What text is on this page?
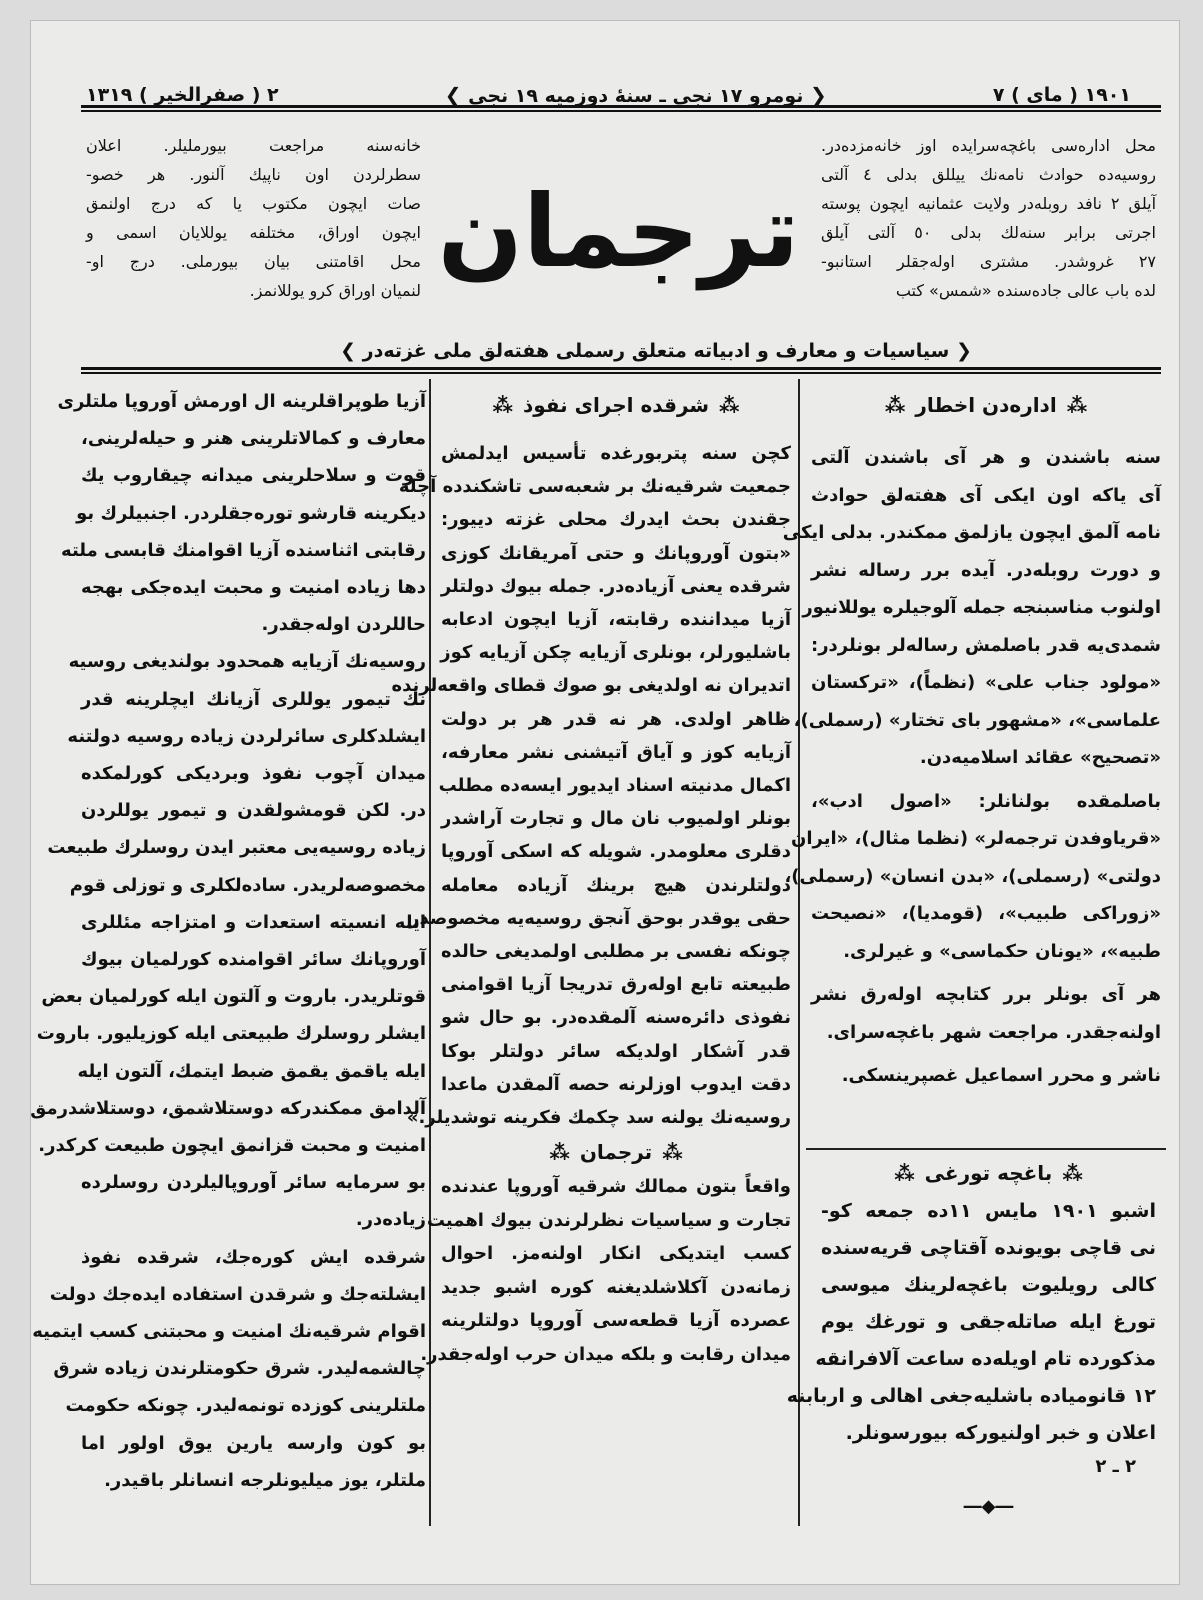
۱۹۰۱ ( مای ) ۷
❮ نومرو ۱۷ نجی ـ سنهٔ دوزمیه ۱۹ نجی ❯
۲ ( صفرالخیر ) ۱۳۱۹
محل ادارەسی باغچەسرایده اوز خانەمزدەدر.
روسیەده حوادث نامەنك ییللق بدلی ٤ آلتی
آیلق ۲ نافد روبلەدر ولایت عثمانیه ایچون پوسته
اجرتی برابر سنەلك بدلی ٥٠ آلتی آیلق
۲۷ غروشدر. مشتری اولەجقلر استانبو-
لده باب عالی جادەسنده «شمس» کتب
ترجمان
خانەسنه مراجعت بیورملیلر. اعلان
سطرلردن اون ناپیك آلنور. هر خصو-
صات ایچون مکتوب یا که درج اولنمق
ایچون اوراق، مختلفه یوللایان اسمی و
محل اقامتنی بیان بیورملی. درج او-
لنمیان اوراق کرو یوللانمز.
❮ سیاسیات و معارف و ادبیاته متعلق رسملی هفتەلق ملی غزتەدر ❯
⁂
ادارەدن اخطار
⁂
سنه باشندن و هر آی باشندن آلتی
آی یاکه اون ایکی آی هفتەلق حوادث
نامه آلمق ایچون یازلمق ممکندر. بدلی ایکی
و دورت روبلەدر. آیده برر رساله نشر
اولنوب مناسبنجه جمله آلوجیلره یوللانیور
شمدی‌یه قدر باصلمش رسالەلر بونلردر:
«مولود جناب علی» (نظماً)، «ترکستان
علماسی»، «مشهور بای تختار» (رسملی)،
«تصحیح» عقائد اسلامیەدن.
باصلمقده بولنانلر: «اصول ادب»،
«قریاوفدن ترجمەلر» (نظما مثال)، «ایران
دولتی» (رسملی)، «بدن انسان» (رسملی)،
«زوراکی طبیب»، (قومدیا)، «نصیحت
طبیه»، «یونان حکماسی» و غیرلری.
هر آی بونلر برر کتابچه اولەرق نشر
اولنەجقدر. مراجعت شهر باغچەسرای.
ناشر و محرر اسماعیل غصپرینسکی.
⁂
باغچه تورغی
⁂
اشبو ۱۹۰۱ مایس ۱۱ده جمعه کو-
نی قاچی بویونده آقتاچی قریەسنده
کالی رویلیوت باغچەلرینك میوسی
تورغ ایله صاتلەجقی و تورغك یوم
مذکورده تام اویلەده ساعت آلافرانقه
۱۲ قانومیاده باشلیەجغی اهالی و اربابنه
اعلان و خبر اولنیورکه بیورسونلر.
۲ ـ ۲
―◆―
⁂
شرقده اجرای نفوذ
⁂
کچن سنه پتربورغده تأسیس ایدلمش
جمعیت شرقیەنك بر شعبەسی تاشکندده آچله
جقندن بحث ایدرك محلی غزته دییور:
«بتون آوروپانك و حتی آمریقانك کوزی
شرقده یعنی آزیادەدر. جمله بیوك دولتلر
آزیا میداننده رقابته، آزیا ایچون ادعابه
باشلیورلر، بونلری آزیایه چکن آزیایه کوز
اتدیران نه اولدیغی بو صوك قطای واقعەلرنده
ظاهر اولدی. هر نه قدر هر بر دولت
آزیایه کوز و آیاق آتیشنی نشر معارفه،
اکمال مدنیته اسناد ایدیور ایسەده مطلب
بونلر اولمیوب نان مال و تجارت آراشدر
دقلری معلومدر. شویله که اسکی آوروپا
دولتلرندن هیچ برینك آزیاده معامله
حقی یوقدر بوحق آنجق روسیەیه مخصوصدر
چونکه نفسی بر مطلبی اولمدیغی حالده
طبیعته تابع اولەرق تدریجا آزیا اقوامنی
نفوذی دائرەسنه آلمقدەدر. بو حال شو
قدر آشکار اولدیکه سائر دولتلر بوکا
دقت ایدوب اوزلرنه حصه آلمقدن ماعدا
روسیەنك یولنه سد چکمك فکرینه توشدیلر.»
⁂
ترجمان
⁂
واقعاً بتون ممالك شرقیه آوروپا عندنده
تجارت و سیاسیات نظرلرندن بیوك اهمیت
کسب ایتدیکی انکار اولنەمز. احوال
زمانەدن آکلاشلدیغنه کوره اشبو جدید
عصرده آزیا قطعەسی آوروپا دولتلرینه
میدان رقابت و بلکه میدان حرب اولەجقدر.
آزیا طوپراقلرینه ال اورمش آوروپا ملتلری
معارف و کمالاتلرینی هنر و حیلەلرینی،
قوت و سلاحلرینی میدانه چیقاروب یك
دیکرینه قارشو تورەجقلردر. اجنبیلرك بو
رقابتی اثناسنده آزیا اقوامنك قابسی ملته
دها زیاده امنیت و محبت ایدەجکی بهجه
حاللردن اولەجقدر.
روسیەنك آزیایه همحدود بولندیغی روسیه
نك تیمور یوللری آزیانك ایچلرینه قدر
ایشلدکلری سائرلردن زیاده روسیه دولتنه
میدان آچوب نفوذ وبردیکی کورلمکده
در. لکن قومشولقدن و تیمور یوللردن
زیاده روسیەیی معتبر ایدن روسلرك طبیعت
مخصوصەلریدر. سادەلکلری و توزلی قوم
ایله انسیته استعدات و امتزاجه مئللری
آوروپانك سائر اقوامنده کورلمیان بیوك
قوتلریدر. باروت و آلتون ایله کورلمیان بعض
ایشلر روسلرك طبیعتی ایله کوزیلیور. باروت
ایله یاقمق یقمق ضبط ایتمك، آلتون ایله
آلدامق ممکندرکه دوستلاشمق، دوستلاشدرمق
امنیت و محبت قزانمق ایچون طبیعت کرکدر.
بو سرمایه سائر آوروپالیلردن روسلرده
زیادەدر.
شرقده ایش کورەجك، شرقده نفوذ
ایشلتەجك و شرقدن استفاده ایدەجك دولت
اقوام شرقیەنك امنیت و محبتنی کسب ایتمیه
چالشمەلیدر. شرق حکومتلرندن زیاده شرق
ملتلرینی کوزده تونمەلیدر. چونکه حکومت
بو کون وارسه یارین یوق اولور اما
ملتلر، یوز میلیونلرجه انسانلر باقیدر.
